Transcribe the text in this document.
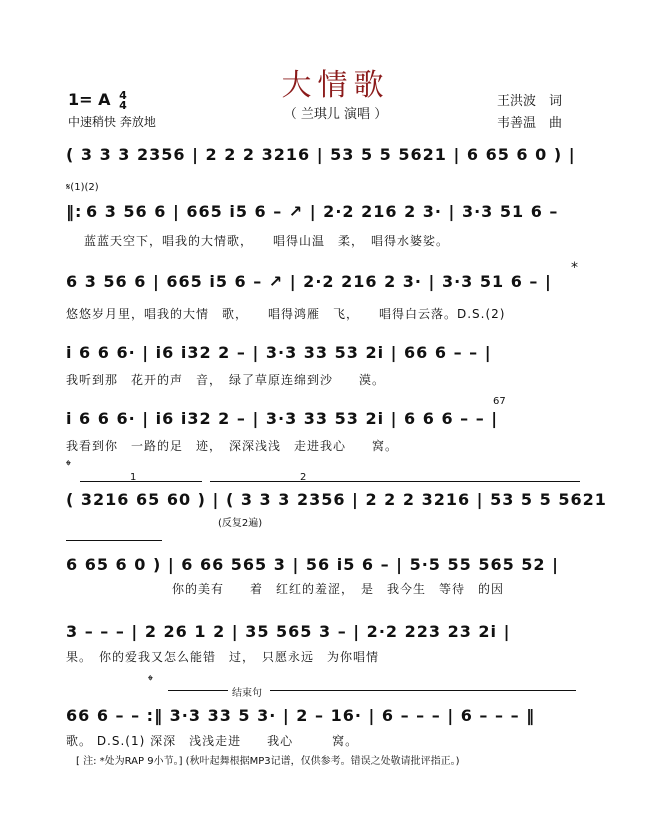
大情歌
（ 兰琪儿 演唱 ）
1= A 4
4
中速稍快 奔放地
王洪波　词
韦善温　曲
( 3 3 3 2356 | 2 2 2 3216 | 53 5 5 5621 | 6 65 6 0 ) |
𝄋(1)(2)
‖: 6 3 56 6 | 665 i5 6 – ↗ | 2·2 216 2 3· | 3·3 51 6 –
蓝蓝天空下，唱我的大情歌，　　唱得山温　柔，　唱得水婆娑。
6 3 56 6 | 665 i5 6 – ↗ | 2·2 216 2 3· | 3·3 51 6 – |
*
悠悠岁月里，唱我的大情　歌，　　唱得鸿雁　飞，　　唱得白云落。D.S.(2)
i 6 6 6· | i6 i32 2 – | 3·3 33 53 2i | 66 6 – – |
我听到那　花开的声　音，　绿了草原连绵到沙　　漠。
67
i 6 6 6· | i6 i32 2 – | 3·3 33 53 2i | 6 6 6 – – |
我看到你　一路的足　迹，　深深浅浅　走进我心　　窝。
𝄌
1	2
( 3216 65 60 ) | ( 3 3 3 2356 | 2 2 2 3216 | 53 5 5 5621
(反复2遍)
6 65 6 0 ) | 6 66 565 3 | 56 i5 6 – | 5·5 55 565 52 |
你的美有　　着　红红的羞涩，　是　我今生　等待　的因
3 – – – | 2 26 1 2 | 35 565 3 – | 2·2 223 23 2i |
果。　你的爱我又怎么能错　过，　只愿永远　为你唱情
𝄌
结束句
66 6 – – :‖ 3·3 33 5 3· | 2 – 16· | 6 – – – | 6 – – – ‖
歌。 D.S.(1) 深深　浅浅走进　　我心　　　窝。
[ 注: *处为RAP 9小节。] (秋叶起舞根据MP3记谱，仅供参考。错误之处敬请批评指正。)
